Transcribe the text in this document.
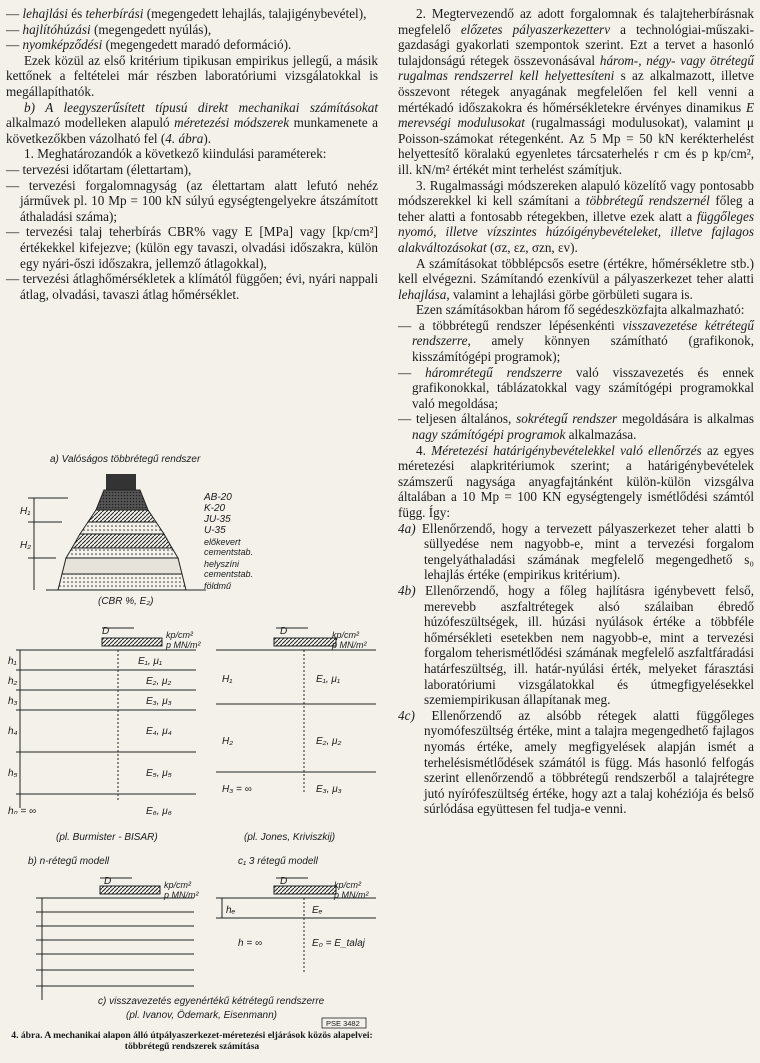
— lehajlási és teherbírási (megengedett lehajlás, talajigénybevétel),

— hajlítóhúzási (megengedett nyúlás),

— nyomképződési (megengedett maradó deformáció).

Ezek közül az első kritérium tipikusan empirikus jellegű, a másik kettőnek a feltételei már részben laboratóriumi vizsgálatokkal is megállapíthatók.

b) A leegyszerűsített típusú direkt mechanikai számításokat alkalmazó modelleken alapuló méretezési módszerek munkamenete a következőkben vázolható fel (4. ábra).

1. Meghatározandók a következő kiindulási paraméterek:

— tervezési időtartam (élettartam),

— tervezési forgalomnagyság (az élettartam alatt lefutó nehéz járművek pl. 10 Mp = 100 kN súlyú egységtengelyekre átszámított áthaladási száma);

— tervezési talaj teherbírás CBR% vagy E [MPa] vagy [kp/cm²] értékekkel kifejezve; (külön egy tavaszi, olvadási időszakra, külön egy nyári-őszi időszakra, jellemző átlagokkal),

— tervezési átlaghőmérsékletek a klímától függően; évi, nyári nappali átlag, olvadási, tavaszi átlag hőmérséklet.

a) Valóságos többrétegű rendszer
H₁
H₂
AB-20
K-20
JU-35
U-35
előkevert
cementstab.
helyszíni
cementstab.
földmű
(CBR %, E₂)
D	kp/cm²
p MN/m²
h₁
h₂
h₃
h₄
h₅
hₙ = ∞
E₁, μ₁
E₂, μ₂
E₃, μ₃
E₄, μ₄
E₅, μ₅
E₆, μ₆
(pl. Burmister - BISAR)
D	kp/cm²
p MN/m²
H₁
H₂
H₃ = ∞
E₁, μ₁
E₂, μ₂
E₃, μ₃
(pl. Jones, Kriviszkij)
b) n-rétegű modell
D	kp/cm²
p MN/m²
c₁ 3 rétegű modell
D	kp/cm²
p MN/m²
hₑ	Eₑ
h = ∞	E₀ = E_talaj
c) visszavezetés egyenértékű kétrétegű rendszerre
(pl. Ivanov, Ödemark, Eisenmann)
PSE 3482
4. ábra. A mechanikai alapon álló útpályaszerkezet-méretezési eljárások közös alapelvei: többrétegű rendszerek számítása

2. Megtervezendő az adott forgalomnak és talajteherbírásnak megfelelő előzetes pályaszerkezetterv a technológiai-műszaki-gazdasági gyakorlati szempontok szerint. Ezt a tervet a hasonló tulajdonságú rétegek összevonásával három-, négy- vagy ötrétegű rugalmas rendszerrel kell helyettesíteni s az alkalmazott, illetve összevont rétegek anyagának megfelelően fel kell venni a mértékadó időszakokra és hőmérsékletekre érvényes dinamikus E merevségi modulusokat (rugalmassági modulusokat), valamint μ Poisson-számokat rétegenként. Az 5 Mp = 50 kN kerékterhelést helyettesítő köralakú egyenletes tárcsaterhelés r cm és p kp/cm², ill. kN/m² értékét mint terhelést számítjuk.

3. Rugalmassági módszereken alapuló közelítő vagy pontosabb módszerekkel ki kell számítani a többrétegű rendszernél főleg a teher alatti a fontosabb rétegekben, illetve ezek alatt a függőleges nyomó, illetve vízszintes húzóigénybevételeket, illetve fajlagos alakváltozásokat (σz, εz, σzn, εv).

A számításokat többlépcsős esetre (értékre, hőmérsékletre stb.) kell elvégezni. Számítandó ezenkívül a pályaszerkezet teher alatti lehajlása, valamint a lehajlási görbe görbületi sugara is.

Ezen számításokban három fő segédeszközfajta alkalmazható:

— a többrétegű rendszer lépésenkénti visszavezetése kétrétegű rendszerre, amely könnyen számítható (grafikonok, kisszámítógépi programok);

— háromrétegű rendszerre való visszavezetés és ennek grafikonokkal, táblázatokkal vagy számítógépi programokkal való megoldása;

— teljesen általános, sokrétegű rendszer megoldására is alkalmas nagy számítógépi programok alkalmazása.

4. Méretezési határigénybevételekkel való ellenőrzés az egyes méretezési alapkritériumok szerint; a határigénybevételek számszerű nagysága anyagfajtánként külön-külön vizsgálva általában a 10 Mp = 100 KN egységtengely ismétlődési számtól függ. Így:

4a) Ellenőrzendő, hogy a tervezett pályaszerkezet teher alatti b süllyedése nem nagyobb-e, mint a tervezési forgalom tengelyáthaladási számának megfelelő megengedhető s₀ lehajlás értéke (empirikus kritérium).

4b) Ellenőrzendő, hogy a főleg hajlításra igénybevett felső, merevebb aszfaltrétegek alsó szálaiban ébredő húzófeszültségek, ill. húzási nyúlások értéke a többféle hőmérsékleti esetekben nem nagyobb-e, mint a tervezési forgalom teherismétlődési számának megfelelő aszfaltfáradási határfeszültség, ill. határ-nyúlási érték, melyeket fárasztási laboratóriumi vizsgálatokkal és útmegfigyelésekkel szemiempirikusan állapítanak meg.

4c) Ellenőrzendő az alsóbb rétegek alatti függőleges nyomófeszültség értéke, mint a talajra megengedhető fajlagos nyomás értéke, amely megfigyelések alapján ismét a terhelésismétlődések számától is függ. Más hasonló felfogás szerint ellenőrzendő a többrétegű rendszerből a talajrétegre jutó nyírófeszültség értéke, hogy azt a talaj kohéziója és belső súrlódása együttesen fel tudja-e venni.
